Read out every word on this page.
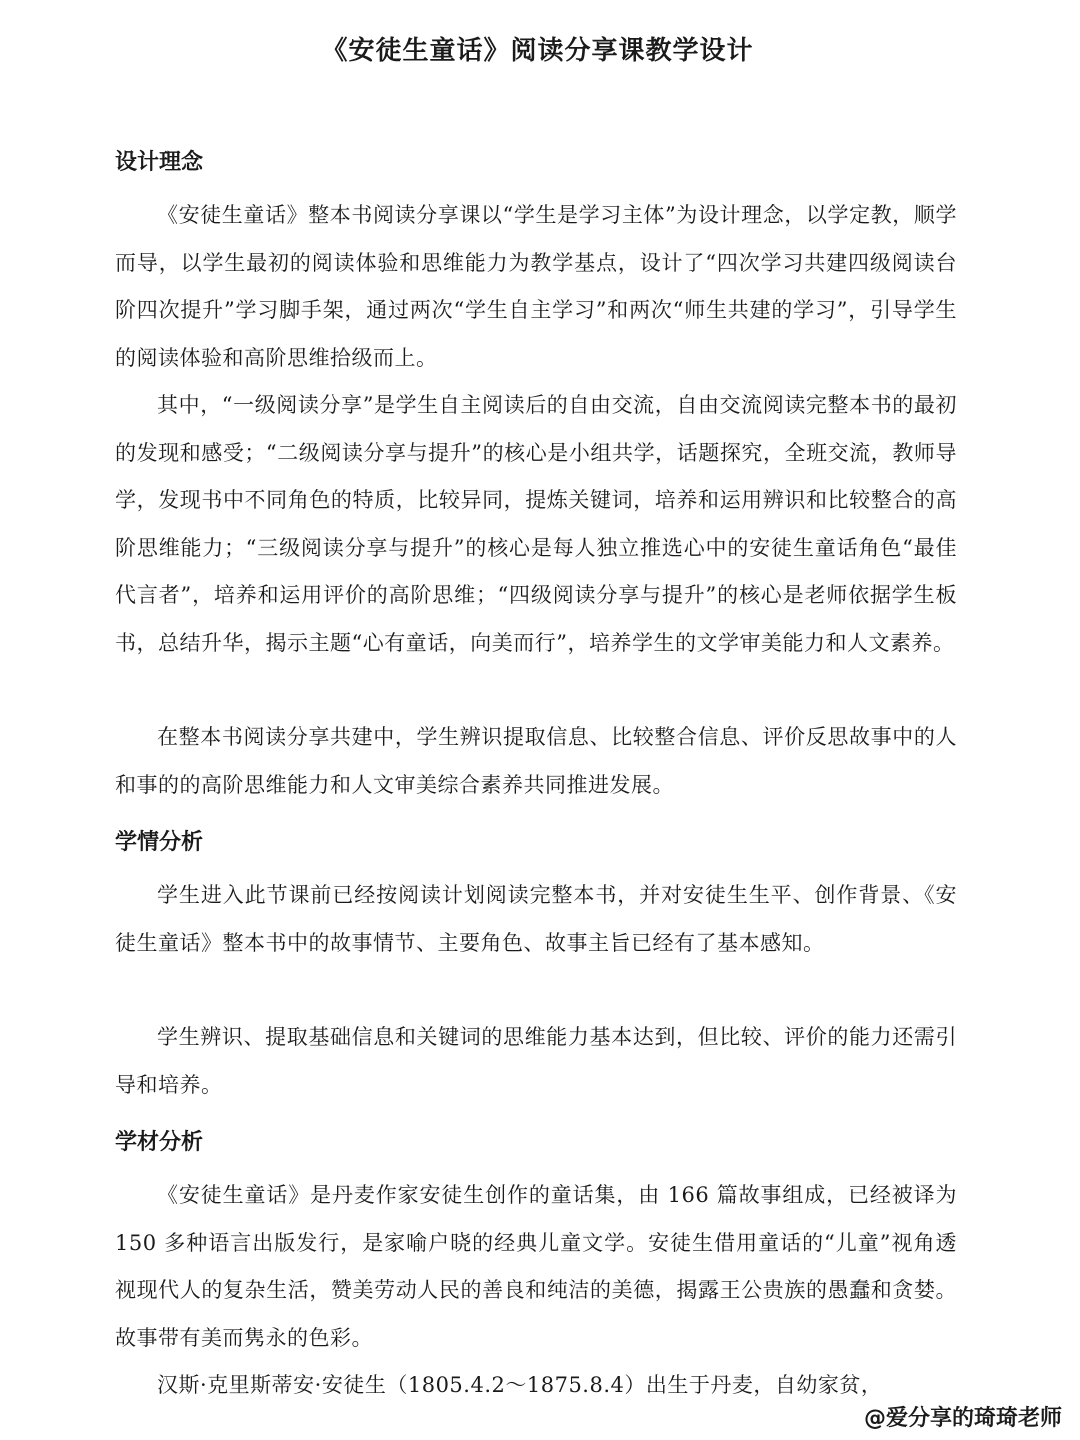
《安徒生童话》阅读分享课教学设计
设计理念

《安徒生童话》整本书阅读分享课以“学生是学习主体”为设计理念，以学定教，顺学而导，以学生最初的阅读体验和思维能力为教学基点，设计了“四次学习共建四级阅读台阶四次提升”学习脚手架，通过两次“学生自主学习”和两次“师生共建的学习”，引导学生的阅读体验和高阶思维拾级而上。

其中，“一级阅读分享”是学生自主阅读后的自由交流，自由交流阅读完整本书的最初的发现和感受；“二级阅读分享与提升”的核心是小组共学，话题探究，全班交流，教师导学，发现书中不同角色的特质，比较异同，提炼关键词，培养和运用辨识和比较整合的高阶思维能力；“三级阅读分享与提升”的核心是每人独立推选心中的安徒生童话角色“最佳代言者”，培养和运用评价的高阶思维；“四级阅读分享与提升”的核心是老师依据学生板书，总结升华，揭示主题“心有童话，向美而行”，培养学生的文学审美能力和人文素养。

在整本书阅读分享共建中，学生辨识提取信息、比较整合信息、评价反思故事中的人和事的的高阶思维能力和人文审美综合素养共同推进发展。

学情分析

学生进入此节课前已经按阅读计划阅读完整本书，并对安徒生生平、创作背景、《安徒生童话》整本书中的故事情节、主要角色、故事主旨已经有了基本感知。

学生辨识、提取基础信息和关键词的思维能力基本达到，但比较、评价的能力还需引导和培养。

学材分析

《安徒生童话》是丹麦作家安徒生创作的童话集，由 166 篇故事组成，已经被译为 150 多种语言出版发行，是家喻户晓的经典儿童文学。安徒生借用童话的“儿童”视角透视现代人的复杂生活，赞美劳动人民的善良和纯洁的美德，揭露王公贵族的愚蠢和贪婪。故事带有美而隽永的色彩。

汉斯·克里斯蒂安·安徒生（1805.4.2～1875.8.4）出生于丹麦，自幼家贫，

@爱分享的琦琦老师
